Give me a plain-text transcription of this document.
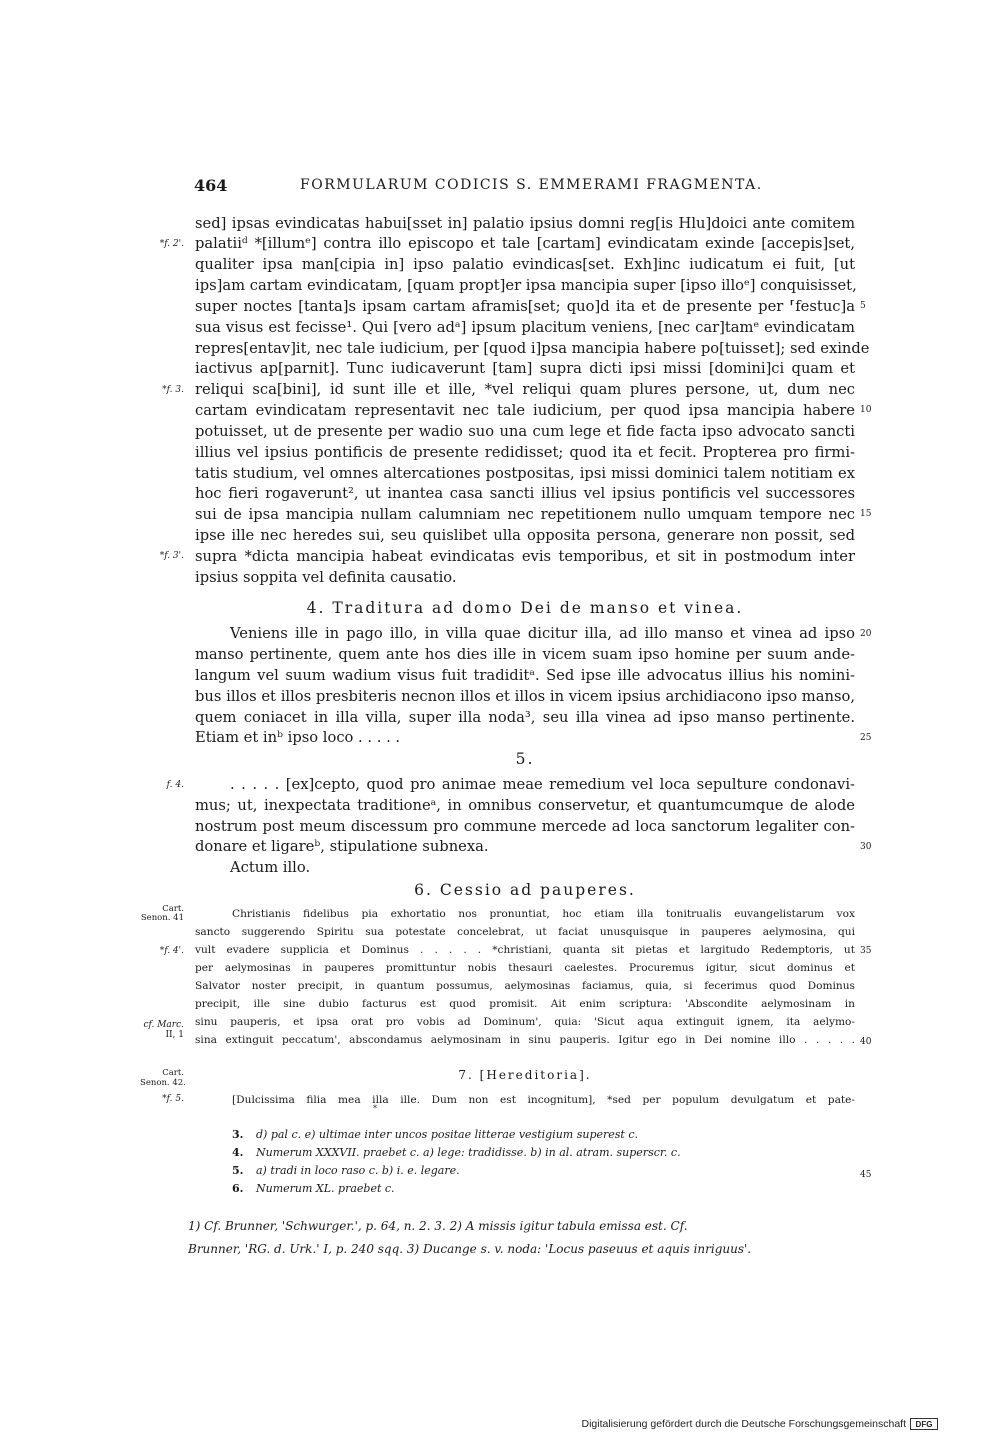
464	FORMULARUM CODICIS S. EMMERAMI FRAGMENTA.
sed] ipsas evindicatas habui[sset in] palatio ipsius domni reg[is Hlu]doici ante comitem
palatiiᵈ *[illumᵉ] contra illo episcopo et tale [cartam] evindicatam exinde [accepis]set,
qualiter ipsa man[cipia in] ipso palatio evindicas[set. Exh]inc iudicatum ei fuit, [ut
ips]am cartam evindicatam, [quam propt]er ipsa mancipia super [ipso illoᵉ] conquisisset,
super noctes [tanta]s ipsam cartam aframis[set; quo]d ita et de presente per ⸢festuc]a
sua visus est fecisse¹. Qui [vero adᵃ] ipsum placitum veniens, [nec car]tamᵉ evindicatam
repres[entav]it, nec tale iudicium, per [quod i]psa mancipia habere po[tuisset]; sed exinde
iactivus ap[parnit]. Tunc iudicaverunt [tam] supra dicti ipsi missi [domini]ci quam et
reliqui sca[bini], id sunt ille et ille, *vel reliqui quam plures persone, ut, dum nec
cartam evindicatam representavit nec tale iudicium, per quod ipsa mancipia habere
potuisset, ut de presente per wadio suo una cum lege et fide facta ipso advocato sancti
illius vel ipsius pontificis de presente redidisset; quod ita et fecit. Propterea pro firmi-
tatis studium, vel omnes altercationes postpositas, ipsi missi dominici talem notitiam ex
hoc fieri rogaverunt², ut inantea casa sancti illius vel ipsius pontificis vel successores
sui de ipsa mancipia nullam calumniam nec repetitionem nullo umquam tempore nec
ipse ille nec heredes sui, seu quislibet ulla opposita persona, generare non possit, sed
supra *dicta mancipia habeat evindicatas evis temporibus, et sit in postmodum inter
ipsius soppita vel definita causatio.
*f. 2'.
*f. 3.
*f. 3'.
5
10
15
4. Traditura ad domo Dei de manso et vinea.
Veniens ille in pago illo, in villa quae dicitur illa, ad illo manso et vinea ad ipso
manso pertinente, quem ante hos dies ille in vicem suam ipso homine per suum ande-
langum vel suum wadium visus fuit tradiditᵃ. Sed ipse ille advocatus illius his nomini-
bus illos et illos presbiteris necnon illos et illos in vicem ipsius archidiacono ipso manso,
quem coniacet in illa villa, super illa noda³, seu illa vinea ad ipso manso pertinente.
Etiam et inᵇ ipso loco . . . . .
20
25
5.
f. 4.	. . . . . [ex]cepto, quod pro animae meae remedium vel loca sepulture condonavi-
mus; ut, inexpectata traditioneᵃ, in omnibus conservetur, et quantumcumque de alode
nostrum post meum discessum pro commune mercede ad loca sanctorum legaliter con-
donare et ligareᵇ, stipulatione subnexa.
Actum illo.
30
6. Cessio ad pauperes.
Cart.
Senon. 41
*f. 4'.
cf. Marc.
II, 1
Christianis fidelibus pia exhortatio nos pronuntiat, hoc etiam illa tonitrualis euvangelistarum vox
sancto suggerendo Spiritu sua potestate concelebrat, ut faciat unusquisque in pauperes aelymosina, qui
vult evadere supplicia et Dominus . . . . . *christiani, quanta sit pietas et largitudo Redemptoris, ut
per aelymosinas in pauperes promittuntur nobis thesauri caelestes. Procuremus igitur, sicut dominus et
Salvator noster precipit, in quantum possumus, aelymosinas faciamus, quia, si fecerimus quod Dominus
precipit, ille sine dubio facturus est quod promisit. Ait enim scriptura: 'Abscondite aelymosinam in
sinu pauperis, et ipsa orat pro vobis ad Dominum', quia: 'Sicut aqua extinguit ignem, ita aelymo-
sina extinguit peccatum', abscondamus aelymosinam in sinu pauperis. Igitur ego in Dei nomine illo . . . . .
35
40
7. [Hereditoria].
Cart.
Senon. 42.
*f. 5.	[Dulcissima filia mea illa ille. Dum non est incognitum], *sed per populum devulgatum et pate-
*
3. d) pal c. e) ultimae inter uncos positae litterae vestigium superest c.
4. Numerum XXXVII. praebet c. a) lege: tradidisse. b) in al. atram. superscr. c.
5. a) tradi in loco raso c. b) i. e. legare.
6. Numerum XL. praebet c.
45
1) Cf. Brunner, 'Schwurger.', p. 64, n. 2. 3. 2) A missis igitur tabula emissa est. Cf.
Brunner, 'RG. d. Urk.' I, p. 240 sqq. 3) Ducange s. v. noda: 'Locus paseuus et aquis inriguus'.
Digitalisierung gefördert durch die Deutsche Forschungsgemeinschaft DFG
